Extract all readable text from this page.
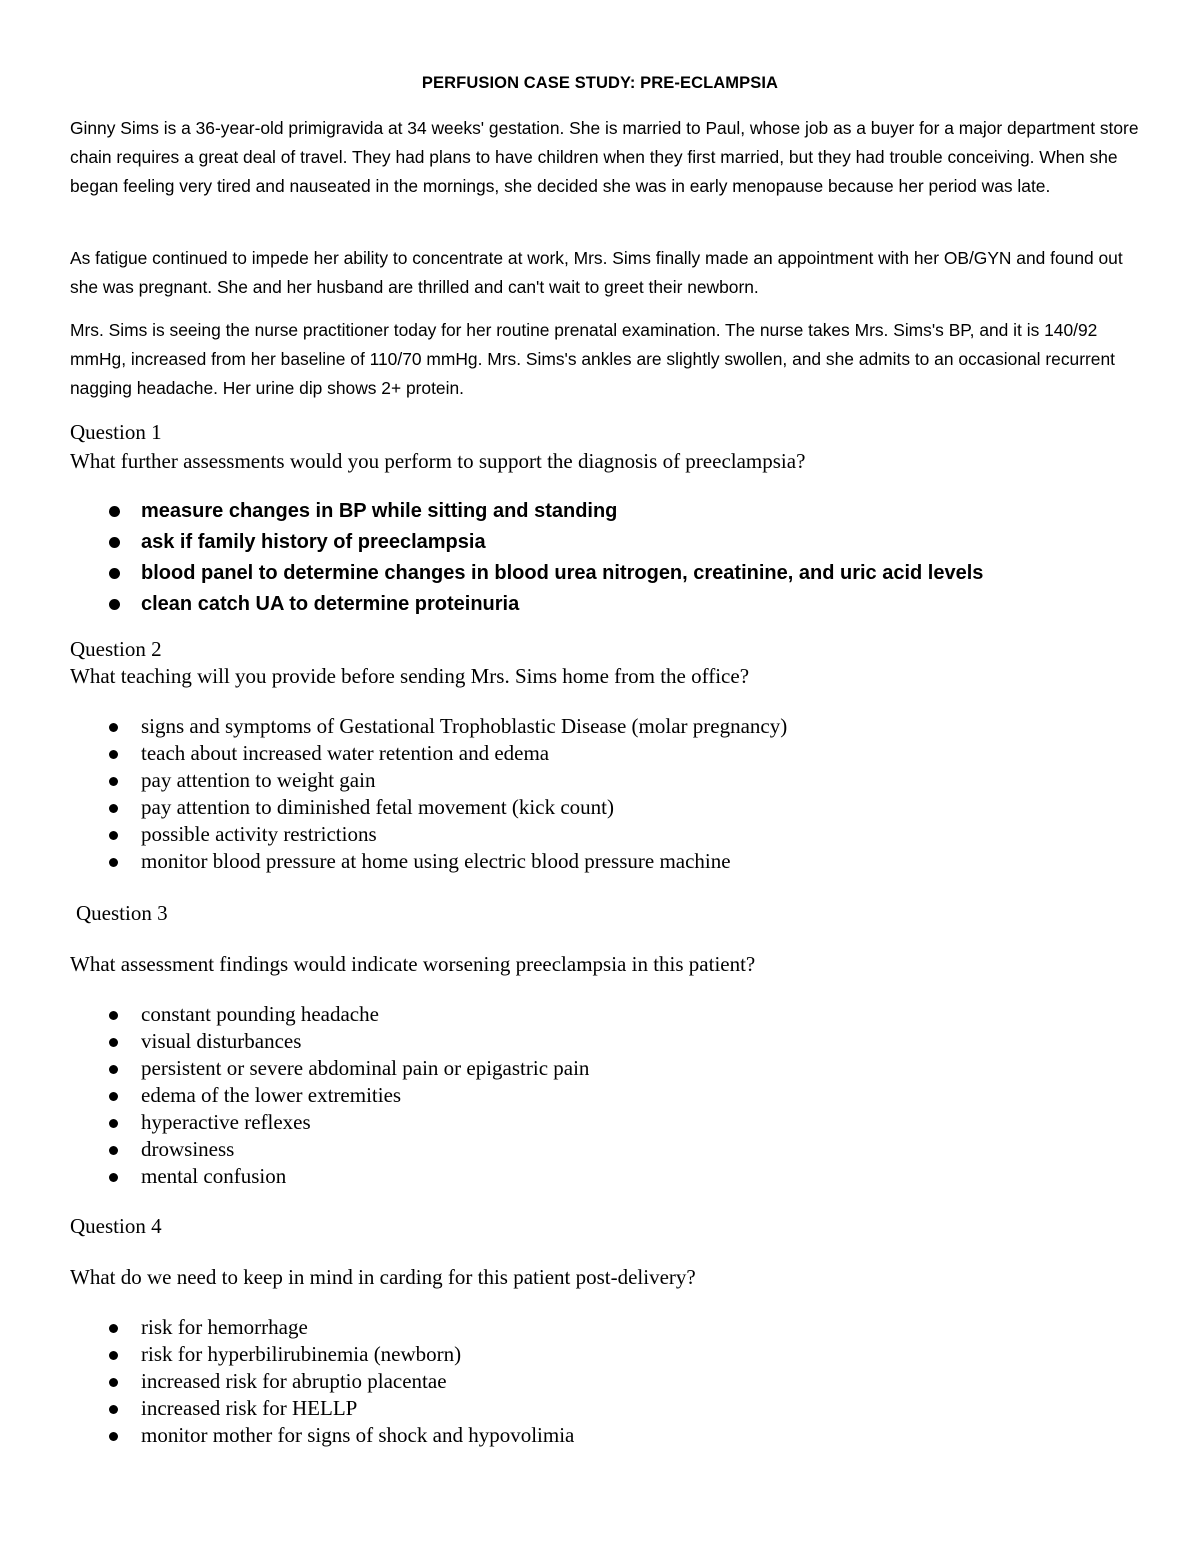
PERFUSION CASE STUDY: PRE-ECLAMPSIA

Ginny Sims is a 36-year-old primigravida at 34 weeks' gestation. She is married to Paul, whose job as a buyer for a major department store chain requires a great deal of travel. They had plans to have children when they first married, but they had trouble conceiving. When she began feeling very tired and nauseated in the mornings, she decided she was in early menopause because her period was late.

As fatigue continued to impede her ability to concentrate at work, Mrs. Sims finally made an appointment with her OB/GYN and found out she was pregnant. She and her husband are thrilled and can't wait to greet their newborn.

Mrs. Sims is seeing the nurse practitioner today for her routine prenatal examination. The nurse takes Mrs. Sims's BP, and it is 140/92 mmHg, increased from her baseline of 110/70 mmHg. Mrs. Sims's ankles are slightly swollen, and she admits to an occasional recurrent nagging headache. Her urine dip shows 2+ protein.

Question 1
What further assessments would you perform to support the diagnosis of preeclampsia?
measure changes in BP while sitting and standing
ask if family history of preeclampsia
blood panel to determine changes in blood urea nitrogen, creatinine, and uric acid levels
clean catch UA to determine proteinuria
Question 2
What teaching will you provide before sending Mrs. Sims home from the office?
signs and symptoms of Gestational Trophoblastic Disease (molar pregnancy)
teach about increased water retention and edema
pay attention to weight gain
pay attention to diminished fetal movement (kick count)
possible activity restrictions
monitor blood pressure at home using electric blood pressure machine
Question 3
What assessment findings would indicate worsening preeclampsia in this patient?
constant pounding headache
visual disturbances
persistent or severe abdominal pain or epigastric pain
edema of the lower extremities
hyperactive reflexes
drowsiness
mental confusion
Question 4
What do we need to keep in mind in carding for this patient post-delivery?
risk for hemorrhage
risk for hyperbilirubinemia (newborn)
increased risk for abruptio placentae
increased risk for HELLP
monitor mother for signs of shock and hypovolimia
